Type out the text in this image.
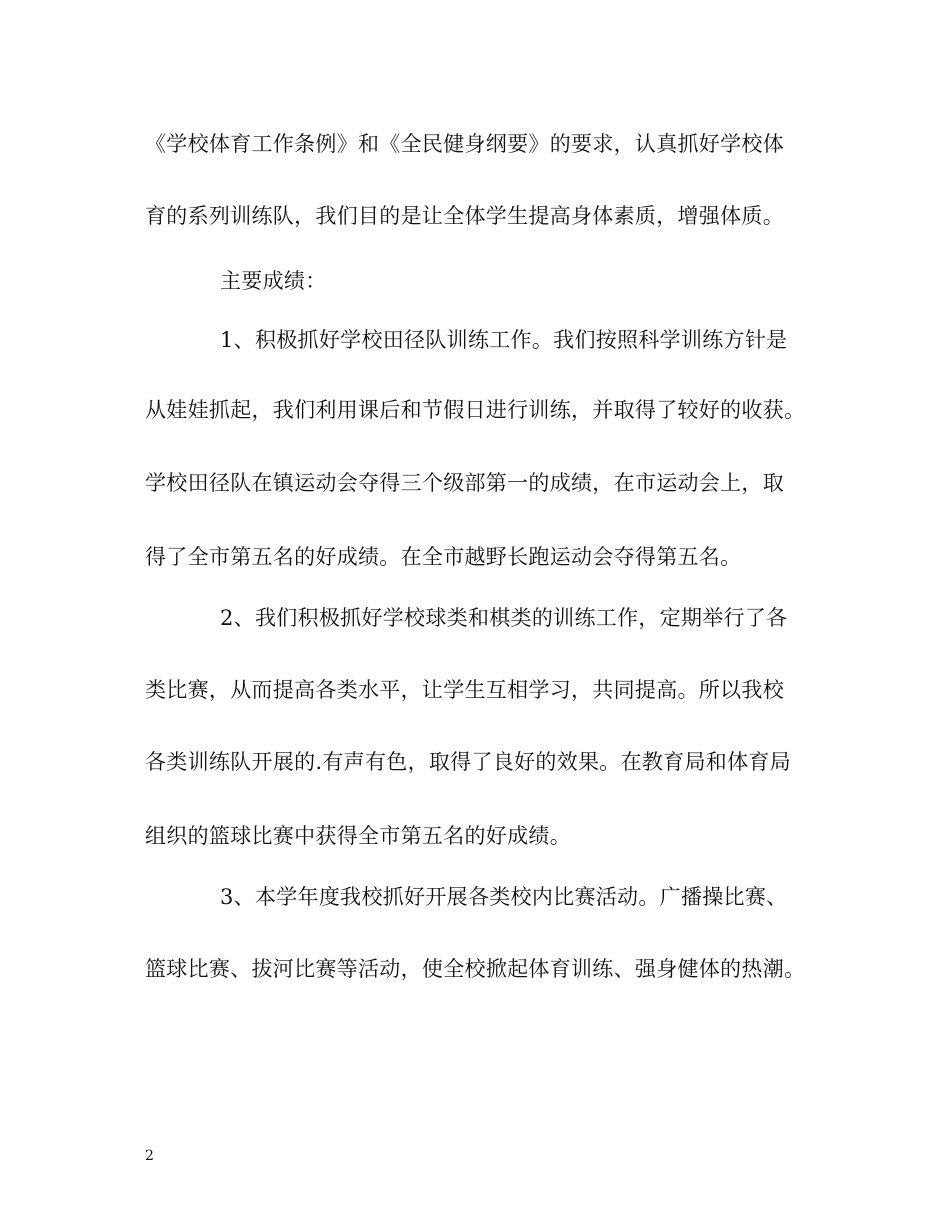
《学校体育工作条例》和《全民健身纲要》的要求，认真抓好学校体
育的系列训练队，我们目的是让全体学生提高身体素质，增强体质。
主要成绩：
1、积极抓好学校田径队训练工作。我们按照科学训练方针是
从娃娃抓起，我们利用课后和节假日进行训练，并取得了较好的收获。
学校田径队在镇运动会夺得三个级部第一的成绩，在市运动会上，取
得了全市第五名的好成绩。在全市越野长跑运动会夺得第五名。
2、我们积极抓好学校球类和棋类的训练工作，定期举行了各
类比赛，从而提高各类水平，让学生互相学习，共同提高。所以我校
各类训练队开展的.有声有色，取得了良好的效果。在教育局和体育局
组织的篮球比赛中获得全市第五名的好成绩。
3、本学年度我校抓好开展各类校内比赛活动。广播操比赛、
篮球比赛、拔河比赛等活动，使全校掀起体育训练、强身健体的热潮。
2
